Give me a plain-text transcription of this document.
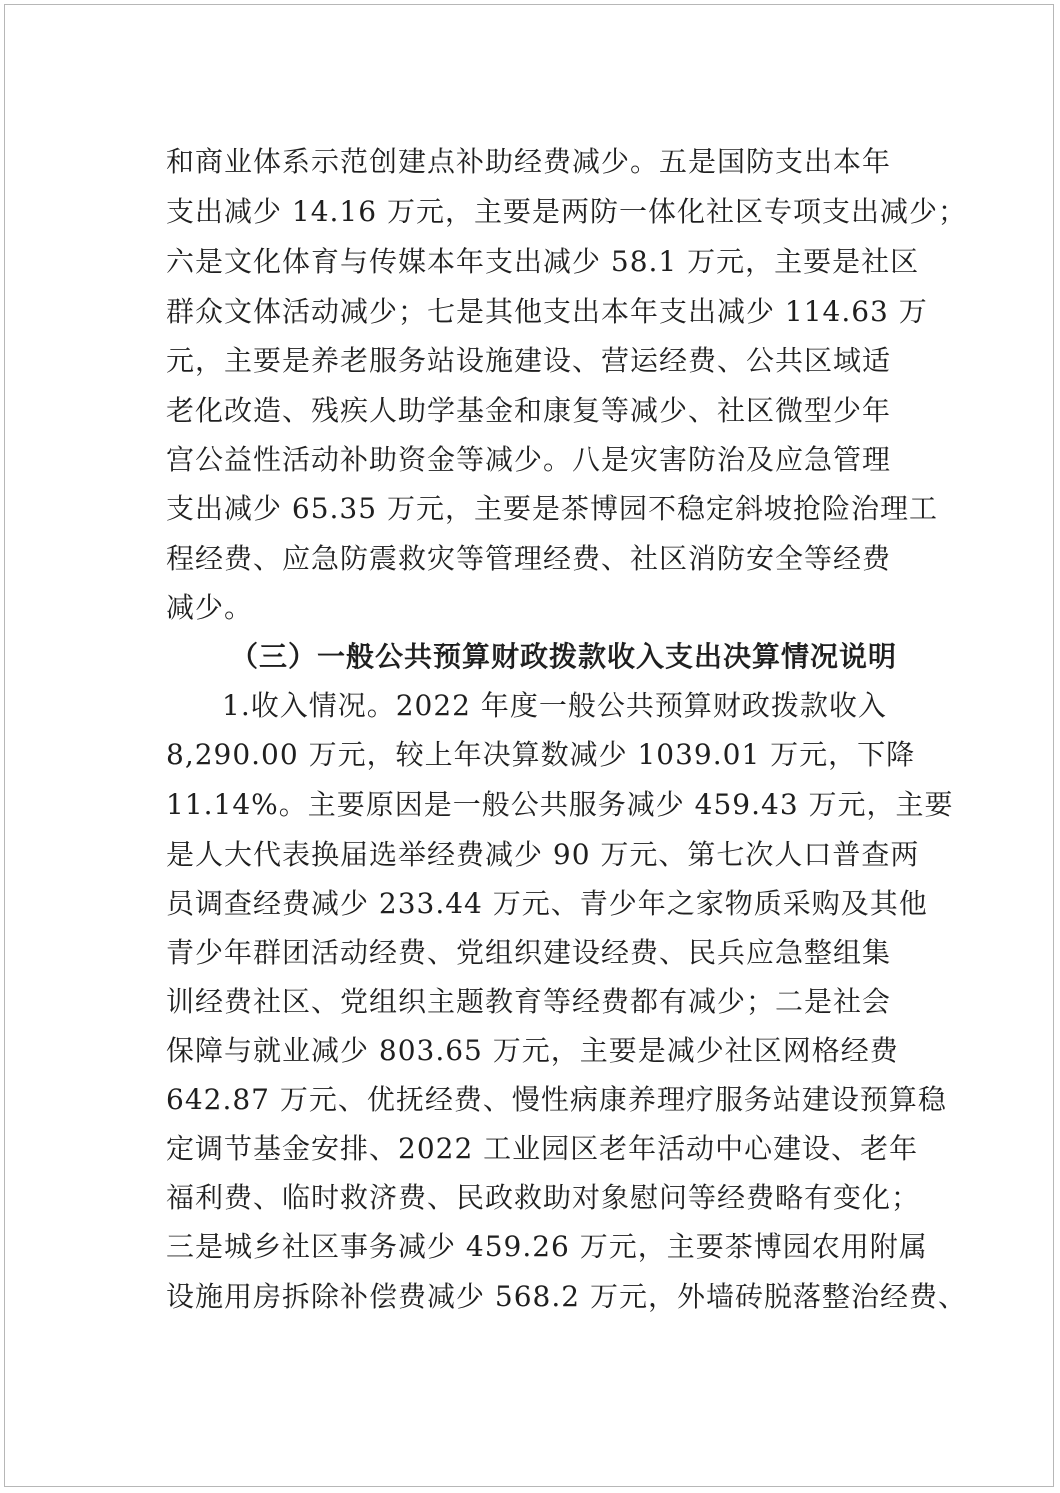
和商业体系示范创建点补助经费减少。五是国防支出本年
支出减少 14.16 万元，主要是两防一体化社区专项支出减少；
六是文化体育与传媒本年支出减少 58.1 万元，主要是社区
群众文体活动减少；七是其他支出本年支出减少 114.63 万
元，主要是养老服务站设施建设、营运经费、公共区域适
老化改造、残疾人助学基金和康复等减少、社区微型少年
宫公益性活动补助资金等减少。八是灾害防治及应急管理
支出减少 65.35 万元，主要是茶博园不稳定斜坡抢险治理工
程经费、应急防震救灾等管理经费、社区消防安全等经费
减少。
（三）一般公共预算财政拨款收入支出决算情况说明
1.收入情况。2022 年度一般公共预算财政拨款收入
8,290.00 万元，较上年决算数减少 1039.01 万元，下降
11.14%。主要原因是一般公共服务减少 459.43 万元，主要
是人大代表换届选举经费减少 90 万元、第七次人口普查两
员调查经费减少 233.44 万元、青少年之家物质采购及其他
青少年群团活动经费、党组织建设经费、民兵应急整组集
训经费社区、党组织主题教育等经费都有减少；二是社会
保障与就业减少 803.65 万元，主要是减少社区网格经费
642.87 万元、优抚经费、慢性病康养理疗服务站建设预算稳
定调节基金安排、2022 工业园区老年活动中心建设、老年
福利费、临时救济费、民政救助对象慰问等经费略有变化；
三是城乡社区事务减少 459.26 万元，主要茶博园农用附属
设施用房拆除补偿费减少 568.2 万元，外墙砖脱落整治经费、
